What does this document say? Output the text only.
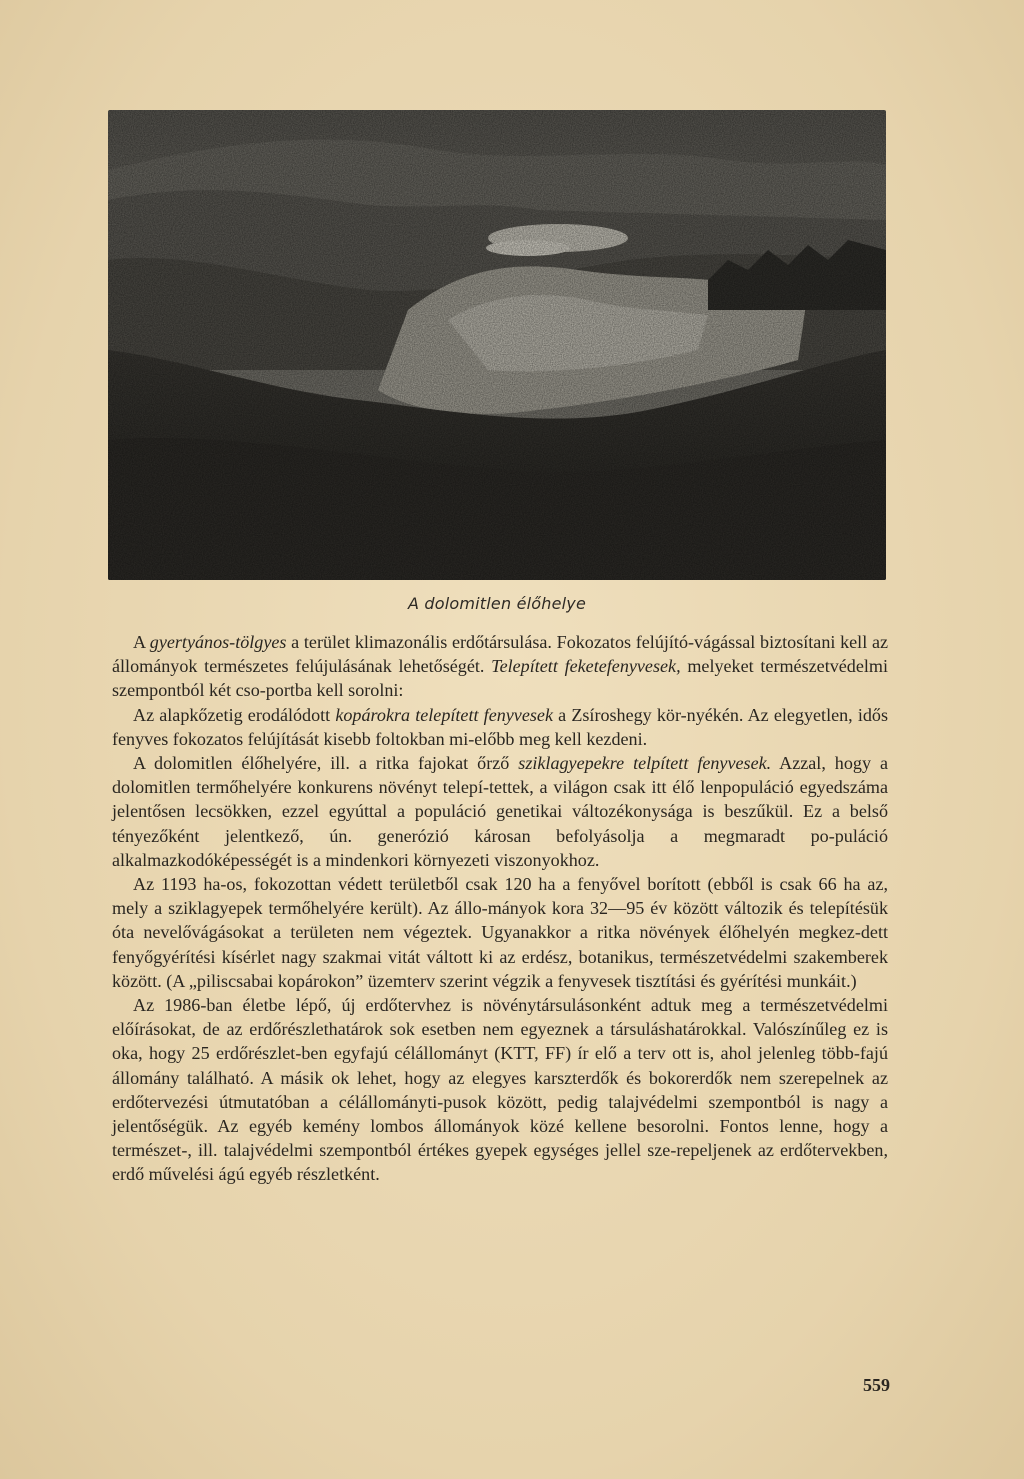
A dolomitlen élőhelye

A gyertyános-tölgyes a terület klimazonális erdőtársulása. Fokozatos felújító-vágással biztosítani kell az állományok természetes felújulásának lehetőségét. Telepített feketefenyvesek, melyeket természetvédelmi szempontból két cso-portba kell sorolni:

Az alapkőzetig erodálódott kopárokra telepített fenyvesek a Zsíroshegy kör-nyékén. Az elegyetlen, idős fenyves fokozatos felújítását kisebb foltokban mi-előbb meg kell kezdeni.

A dolomitlen élőhelyére, ill. a ritka fajokat őrző sziklagyepekre telpített fenyvesek. Azzal, hogy a dolomitlen termőhelyére konkurens növényt telepí-tettek, a világon csak itt élő lenpopuláció egyedszáma jelentősen lecsökken, ezzel egyúttal a populáció genetikai változékonysága is beszűkül. Ez a belső tényezőként jelentkező, ún. generózió károsan befolyásolja a megmaradt po-puláció alkalmazkodóképességét is a mindenkori környezeti viszonyokhoz.

Az 1193 ha-os, fokozottan védett területből csak 120 ha a fenyővel borított (ebből is csak 66 ha az, mely a sziklagyepek termőhelyére került). Az állo-mányok kora 32—95 év között változik és telepítésük óta nevelővágásokat a területen nem végeztek. Ugyanakkor a ritka növények élőhelyén megkez-dett fenyőgyérítési kísérlet nagy szakmai vitát váltott ki az erdész, botanikus, természetvédelmi szakemberek között. (A „piliscsabai kopárokon” üzemterv szerint végzik a fenyvesek tisztítási és gyérítési munkáit.)

Az 1986-ban életbe lépő, új erdőtervhez is növénytársulásonként adtuk meg a természetvédelmi előírásokat, de az erdőrészlethatárok sok esetben nem egyeznek a társuláshatárokkal. Valószínűleg ez is oka, hogy 25 erdőrészlet-ben egyfajú célállományt (KTT, FF) ír elő a terv ott is, ahol jelenleg több-fajú állomány található. A másik ok lehet, hogy az elegyes karszterdők és bokorerdők nem szerepelnek az erdőtervezési útmutatóban a célállományti-pusok között, pedig talajvédelmi szempontból is nagy a jelentőségük. Az egyéb kemény lombos állományok közé kellene besorolni. Fontos lenne, hogy a természet-, ill. talajvédelmi szempontból értékes gyepek egységes jellel sze-repeljenek az erdőtervekben, erdő művelési ágú egyéb részletként.

559
